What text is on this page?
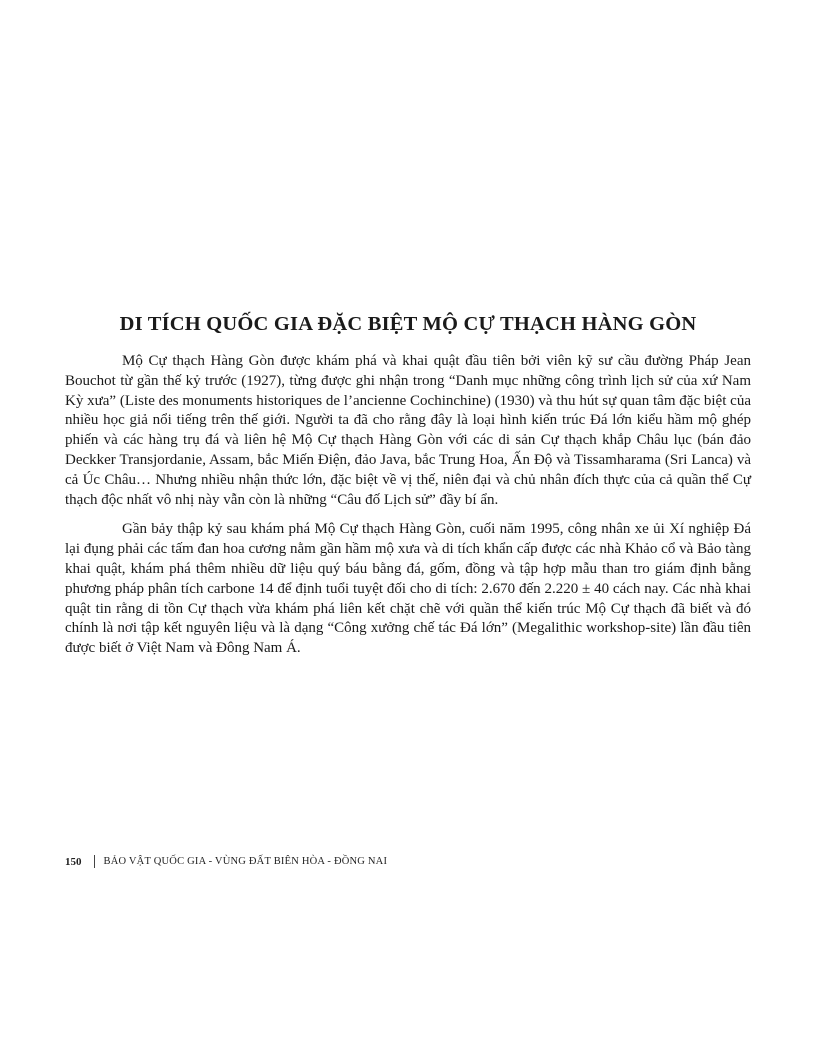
DI TÍCH QUỐC GIA ĐẶC BIỆT MỘ CỰ THẠCH HÀNG GÒN

Mộ Cự thạch Hàng Gòn được khám phá và khai quật đầu tiên bởi viên kỹ sư cầu đường Pháp Jean Bouchot từ gần thế kỷ trước (1927), từng được ghi nhận trong “Danh mục những công trình lịch sử của xứ Nam Kỳ xưa” (Liste des monuments historiques de l’ancienne Cochinchine) (1930) và thu hút sự quan tâm đặc biệt của nhiều học giả nổi tiếng trên thế giới. Người ta đã cho rằng đây là loại hình kiến trúc Đá lớn kiểu hầm mộ ghép phiến và các hàng trụ đá và liên hệ Mộ Cự thạch Hàng Gòn với các di sản Cự thạch khắp Châu lục (bán đảo Deckker Transjordanie, Assam, bắc Miến Điện, đảo Java, bắc Trung Hoa, Ấn Độ và Tissamharama (Sri Lanca) và cả Úc Châu… Nhưng nhiều nhận thức lớn, đặc biệt về vị thế, niên đại và chủ nhân đích thực của cả quần thể Cự thạch độc nhất vô nhị này vẫn còn là những “Câu đố Lịch sử” đầy bí ẩn.

Gần bảy thập kỷ sau khám phá Mộ Cự thạch Hàng Gòn, cuối năm 1995, công nhân xe ủi Xí nghiệp Đá lại đụng phải các tấm đan hoa cương nằm gần hầm mộ xưa và di tích khẩn cấp được các nhà Khảo cổ và Bảo tàng khai quật, khám phá thêm nhiều dữ liệu quý báu bằng đá, gốm, đồng và tập hợp mẫu than tro giám định bằng phương pháp phân tích carbone 14 để định tuổi tuyệt đối cho di tích: 2.670 đến 2.220 ± 40 cách nay. Các nhà khai quật tin rằng di tồn Cự thạch vừa khám phá liên kết chặt chẽ với quần thể kiến trúc Mộ Cự thạch đã biết và đó chính là nơi tập kết nguyên liệu và là dạng “Công xưởng chế tác Đá lớn” (Megalithic workshop-site) lần đầu tiên được biết ở Việt Nam và Đông Nam Á.

150 BẢO VẬT QUỐC GIA - VÙNG ĐẤT BIÊN HÒA - ĐỒNG NAI
